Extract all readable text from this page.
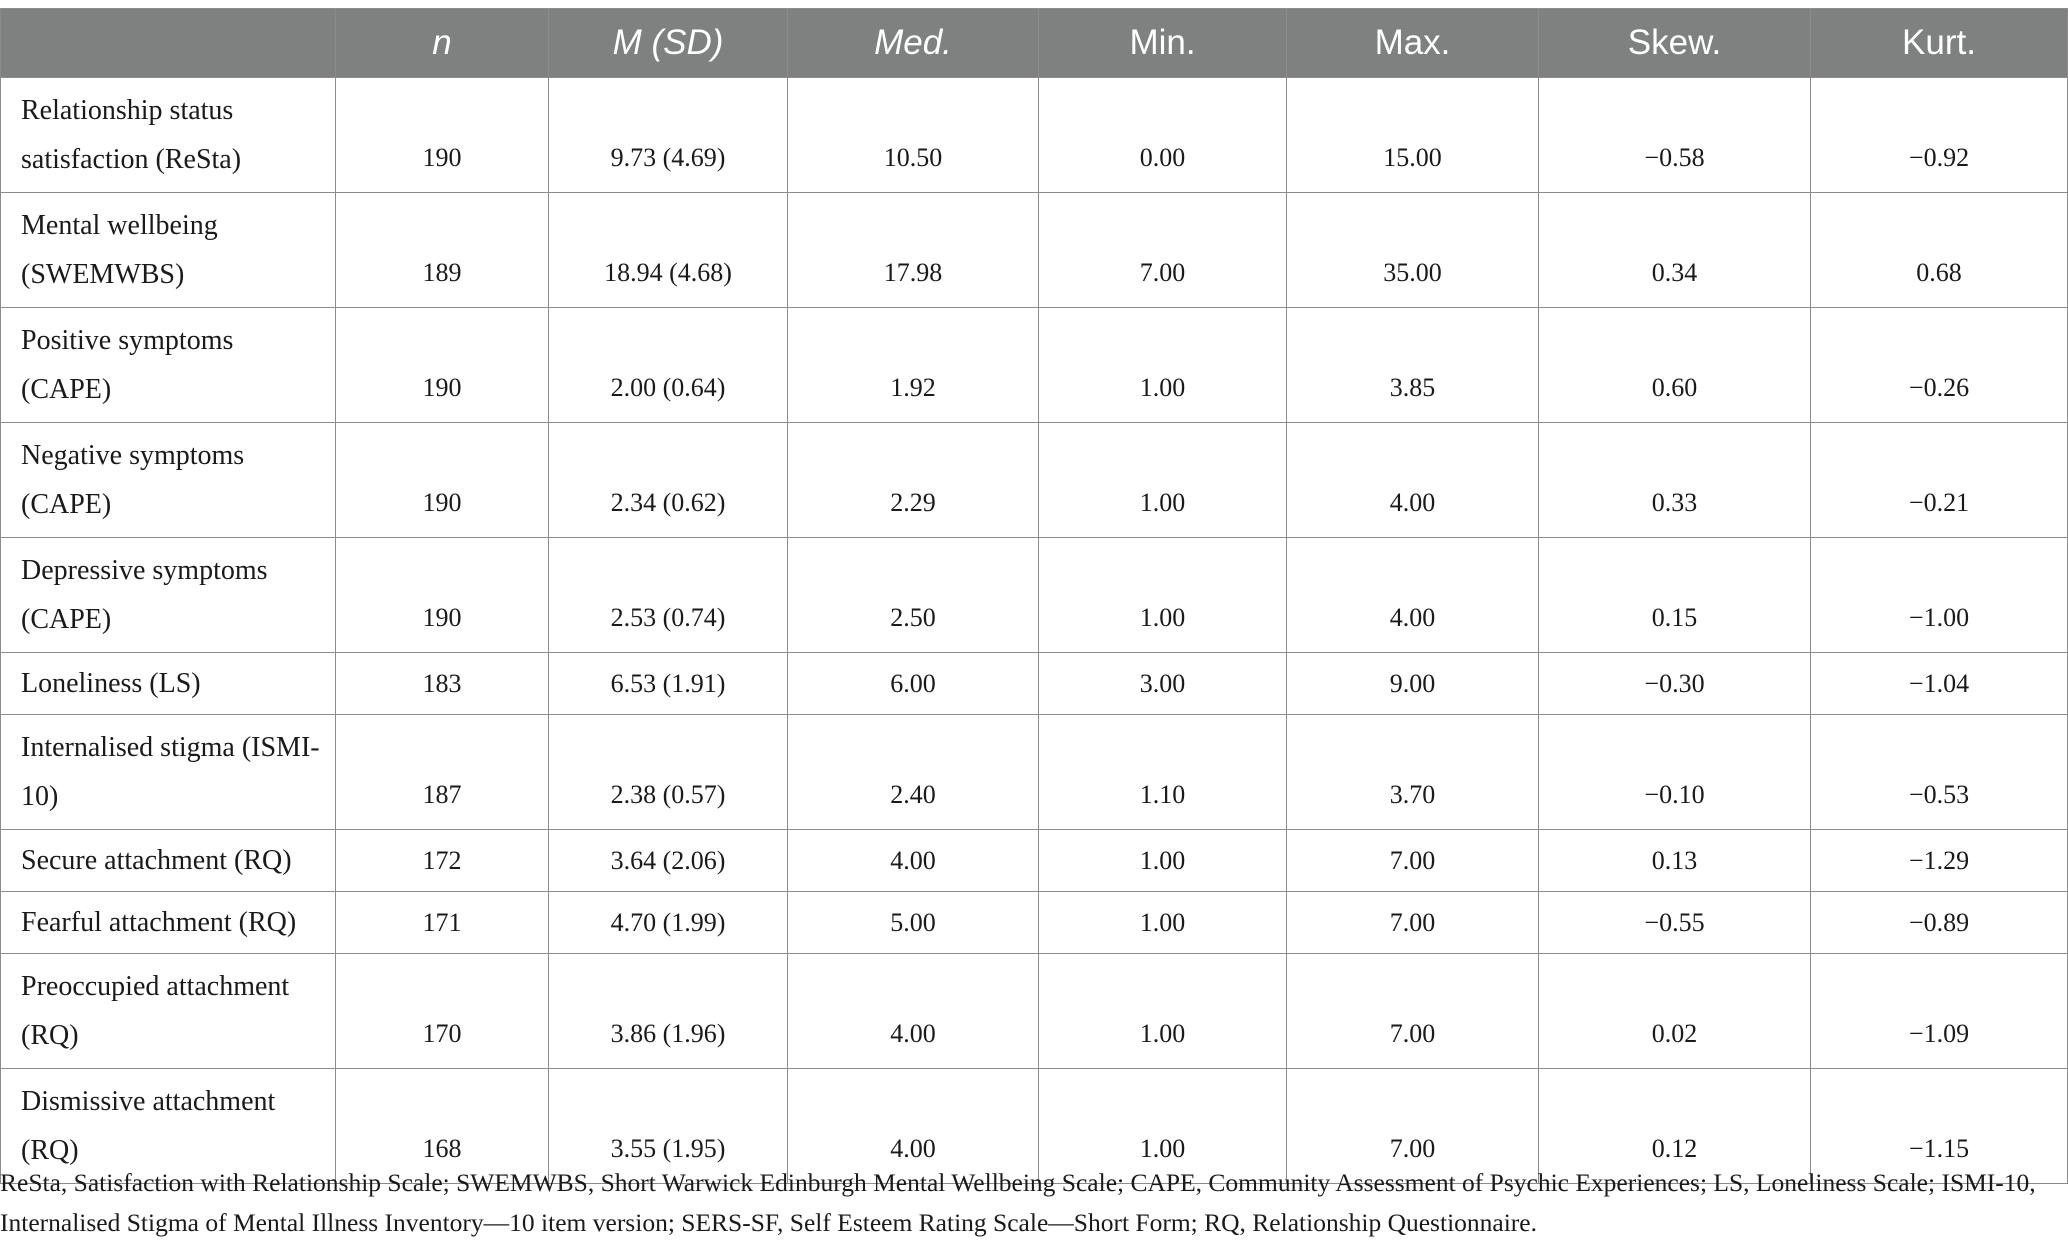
	n	M (SD)	Med.	Min.	Max.	Skew.	Kurt.
Relationship status satisfaction (ReSta)	190	9.73 (4.69)	10.50	0.00	15.00	−0.58	−0.92
Mental wellbeing (SWEMWBS)	189	18.94 (4.68)	17.98	7.00	35.00	0.34	0.68
Positive symptoms (CAPE)	190	2.00 (0.64)	1.92	1.00	3.85	0.60	−0.26
Negative symptoms (CAPE)	190	2.34 (0.62)	2.29	1.00	4.00	0.33	−0.21
Depressive symptoms (CAPE)	190	2.53 (0.74)	2.50	1.00	4.00	0.15	−1.00
Loneliness (LS)	183	6.53 (1.91)	6.00	3.00	9.00	−0.30	−1.04
Internalised stigma (ISMI-10)	187	2.38 (0.57)	2.40	1.10	3.70	−0.10	−0.53
Secure attachment (RQ)	172	3.64 (2.06)	4.00	1.00	7.00	0.13	−1.29
Fearful attachment (RQ)	171	4.70 (1.99)	5.00	1.00	7.00	−0.55	−0.89
Preoccupied attachment (RQ)	170	3.86 (1.96)	4.00	1.00	7.00	0.02	−1.09
Dismissive attachment (RQ)	168	3.55 (1.95)	4.00	1.00	7.00	0.12	−1.15
ReSta, Satisfaction with Relationship Scale; SWEMWBS, Short Warwick Edinburgh Mental Wellbeing Scale; CAPE, Community Assessment of Psychic Experiences; LS, Loneliness Scale; ISMI-10, Internalised Stigma of Mental Illness Inventory—10 item version; SERS-SF, Self Esteem Rating Scale—Short Form; RQ, Relationship Questionnaire.
